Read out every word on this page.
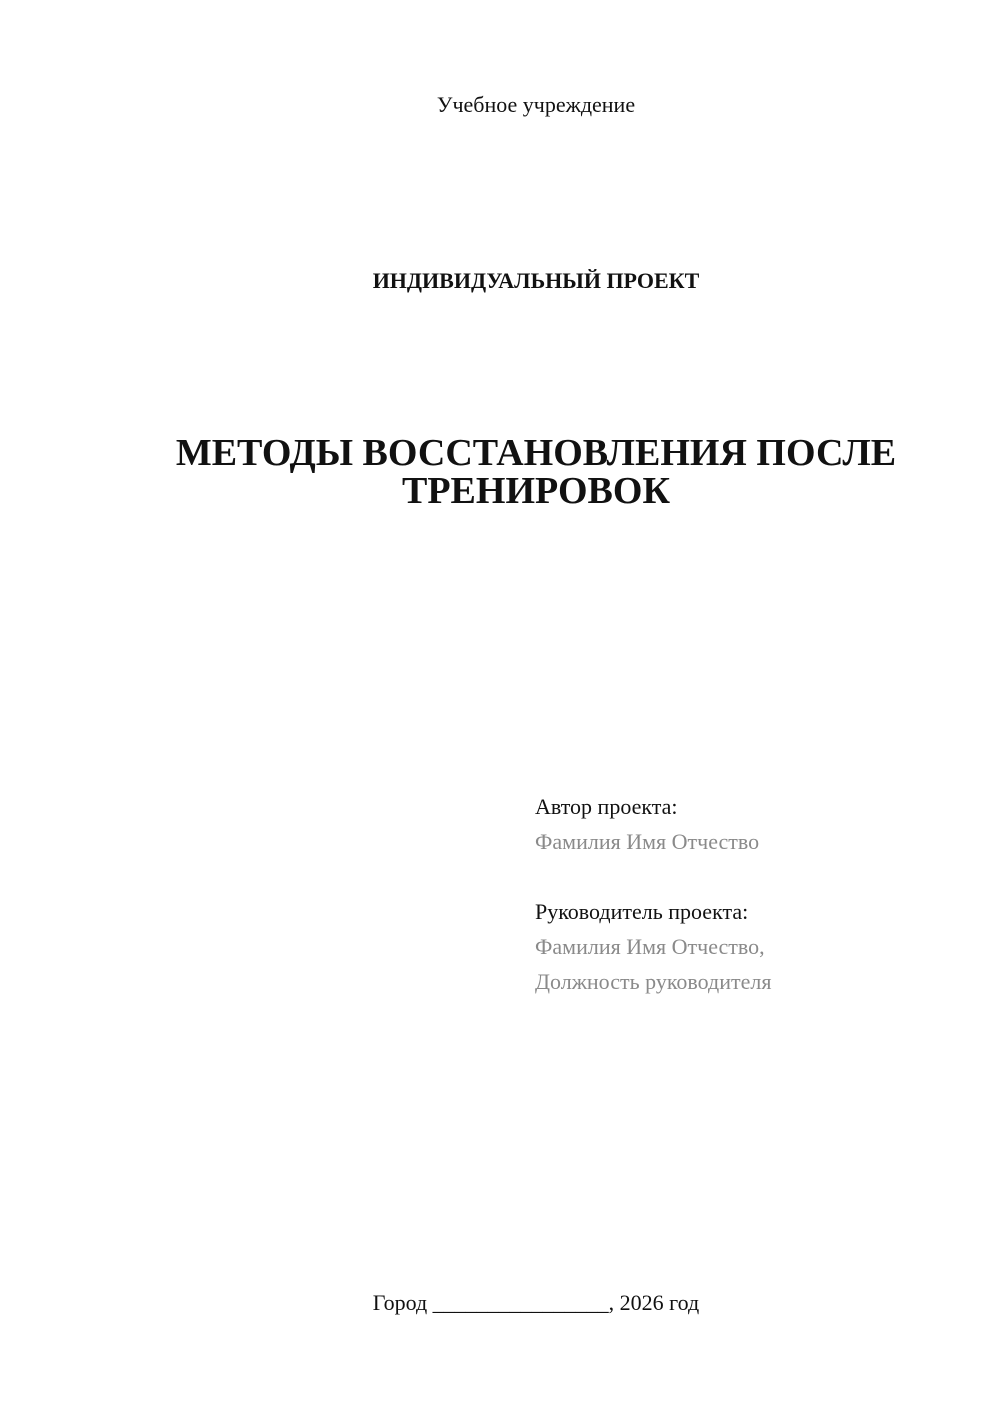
Учебное учреждение
ИНДИВИДУАЛЬНЫЙ ПРОЕКТ
МЕТОДЫ ВОССТАНОВЛЕНИЯ ПОСЛЕ
ТРЕНИРОВОК
Автор проекта:
Фамилия Имя Отчество
Руководитель проекта:
Фамилия Имя Отчество,
Должность руководителя
Город ________________, 2026 год
